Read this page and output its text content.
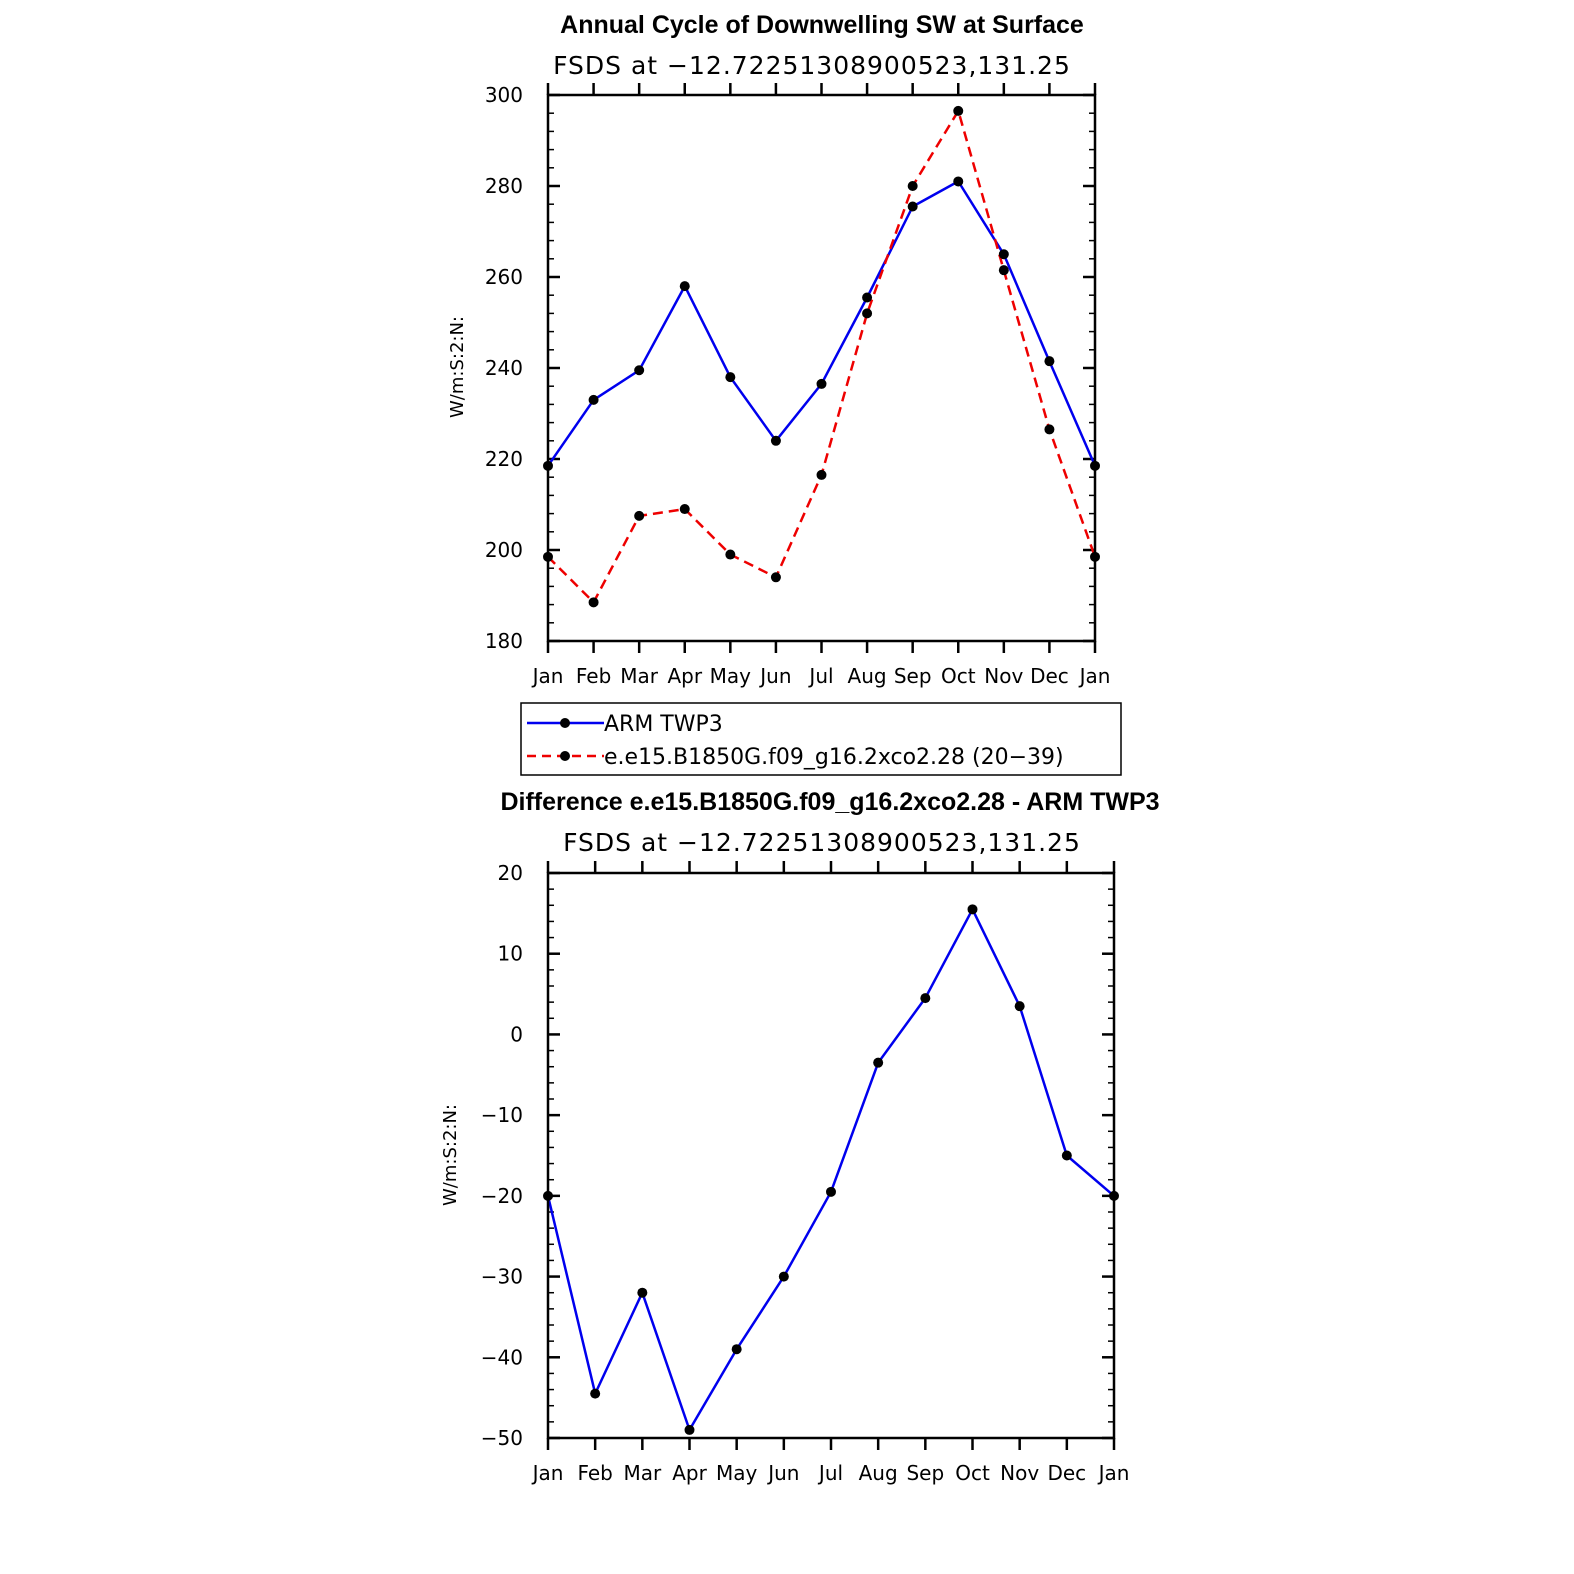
Annual Cycle of Downwelling SW at Surface
FSDS at −12.72251308900523,131.25
W/m:S:2:N:
180
200
220
240
260
280
300
Jan Feb Mar Apr May Jun Jul Aug Sep Oct Nov Dec Jan
ARM TWP3
e.e15.B1850G.f09_g16.2xco2.28 (20−39)
Difference e.e15.B1850G.f09_g16.2xco2.28 - ARM TWP3
FSDS at −12.72251308900523,131.25
W/m:S:2:N:
−50
−40
−30
−20
−10
0
10
20
Jan Feb Mar Apr May Jun Jul Aug Sep Oct Nov Dec Jan
